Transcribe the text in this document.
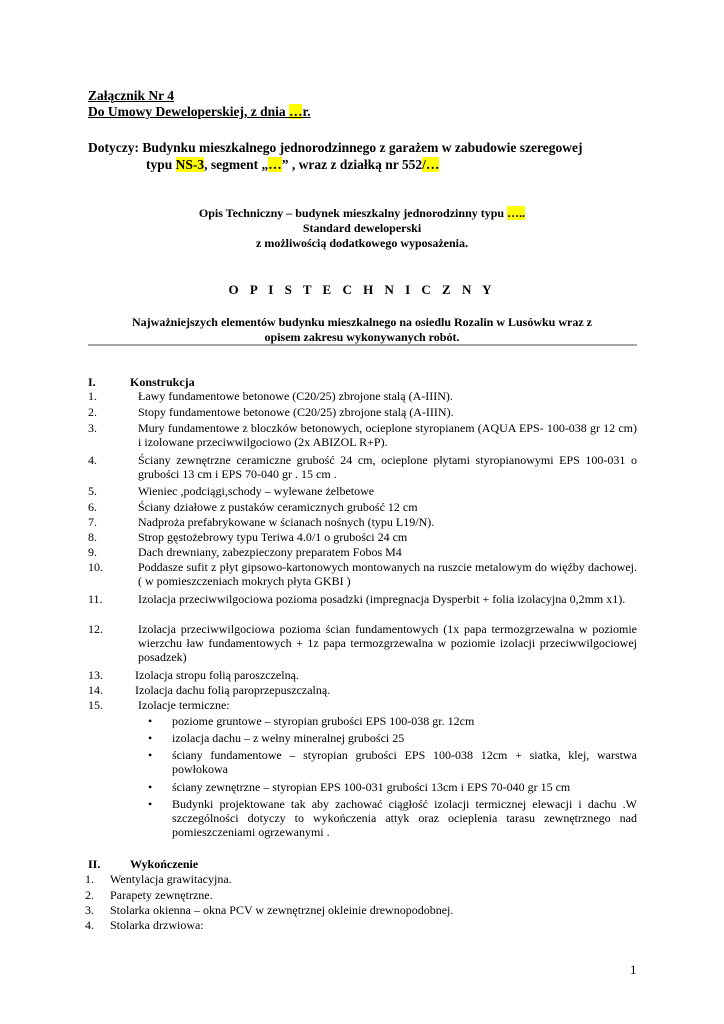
Załącznik Nr 4
Do Umowy Deweloperskiej, z dnia …r.
Dotyczy: Budynku mieszkalnego jednorodzinnego z garażem w zabudowie szeregowej
typu NS-3, segment „…” , wraz z działką nr 552/…
Opis Techniczny – budynek mieszkalny jednorodzinny typu …..
Standard deweloperski
z możliwością dodatkowego wyposażenia.
O P I S T E C H N I C Z N Y
Najważniejszych elementów budynku mieszkalnego na osiedlu Rozalin w Lusówku wraz z
opisem zakresu wykonywanych robót.
I.	Konstrukcja
1.	Ławy fundamentowe betonowe (C20/25) zbrojone stalą (A-IIIN).
2.	Stopy fundamentowe betonowe (C20/25) zbrojone stalą (A-IIIN).
3.	Mury fundamentowe z bloczków betonowych, ocieplone styropianem (AQUA EPS- 100-038 gr 12 cm) i izolowane przeciwwilgociowo (2x ABIZOL R+P).
4.	Ściany zewnętrzne ceramiczne grubość 24 cm, ocieplone płytami styropianowymi EPS 100-031 o grubości 13 cm i EPS 70-040 gr . 15 cm .
5.	Wieniec ,podciągi,schody – wylewane żelbetowe
6.	Ściany działowe z pustaków ceramicznych grubość 12 cm
7.	Nadproża prefabrykowane w ścianach nośnych (typu L19/N).
8.	Strop gęstożebrowy typu Teriwa 4.0/1 o grubości 24 cm
9.	Dach drewniany, zabezpieczony preparatem Fobos M4
10.	Poddasze sufit z płyt gipsowo-kartonowych montowanych na ruszcie metalowym do więźby dachowej. ( w pomieszczeniach mokrych płyta GKBI )
11.	Izolacja przeciwwilgociowa pozioma posadzki (impregnacja Dysperbit + folia izolacyjna 0,2mm x1).
12.	Izolacja przeciwwilgociowa pozioma ścian fundamentowych (1x papa termozgrzewalna w poziomie wierzchu ław fundamentowych + 1z papa termozgrzewalna w poziomie izolacji przeciwwilgociowej posadzek)
13.	Izolacja stropu folią paroszczelną.
14.	Izolacja dachu folią paroprzepuszczalną.
15.	Izolacje termiczne:
• poziome gruntowe – styropian grubości EPS 100-038 gr. 12cm
• izolacja dachu – z wełny mineralnej grubości 25
• ściany fundamentowe – styropian grubości EPS 100-038 12cm + siatka, klej, warstwa powłokowa
• ściany zewnętrzne – styropian EPS 100-031 grubości 13cm i EPS 70-040 gr 15 cm
• Budynki projektowane tak aby zachować ciągłość izolacji termicznej elewacji i dachu .W szczególności dotyczy to wykończenia attyk oraz ocieplenia tarasu zewnętrznego nad pomieszczeniami ogrzewanymi .
II. Wykończenie
1. Wentylacja grawitacyjna.
2. Parapety zewnętrzne.
3. Stolarka okienna – okna PCV w zewnętrznej okleinie drewnopodobnej.
4. Stolarka drzwiowa:
1
